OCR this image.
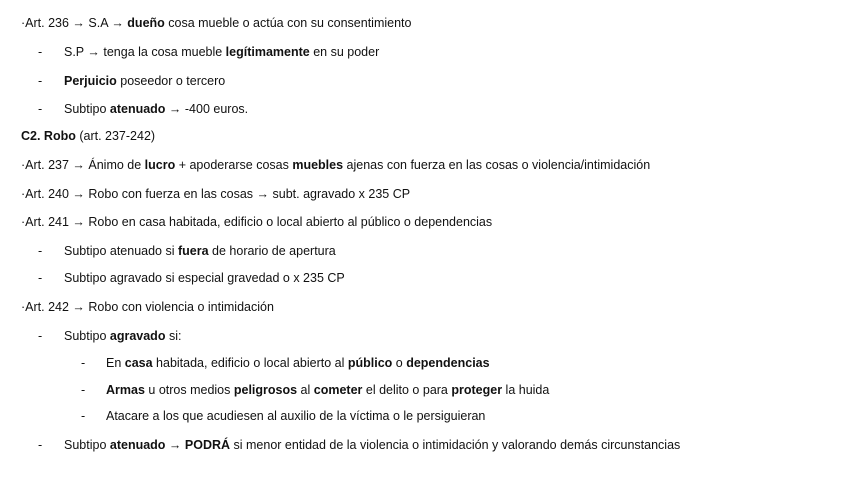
·Art. 236 → S.A → dueño cosa mueble o actúa con su consentimiento
- S.P → tenga la cosa mueble legítimamente en su poder
- Perjuicio poseedor o tercero
- Subtipo atenuado → -400 euros.
C2. Robo (art. 237-242)
·Art. 237 → Ánimo de lucro + apoderarse cosas muebles ajenas con fuerza en las cosas o violencia/intimidación
·Art. 240 → Robo con fuerza en las cosas → subt. agravado x 235 CP
·Art. 241 → Robo en casa habitada, edificio o local abierto al público o dependencias
- Subtipo atenuado si fuera de horario de apertura
- Subtipo agravado si especial gravedad o x 235 CP
·Art. 242 → Robo con violencia o intimidación
- Subtipo agravado si:
- En casa habitada, edificio o local abierto al público o dependencias
- Armas u otros medios peligrosos al cometer el delito o para proteger la huida
- Atacare a los que acudiesen al auxilio de la víctima o le persiguieran
- Subtipo atenuado → PODRÁ si menor entidad de la violencia o intimidación y valorando demás circunstancias
